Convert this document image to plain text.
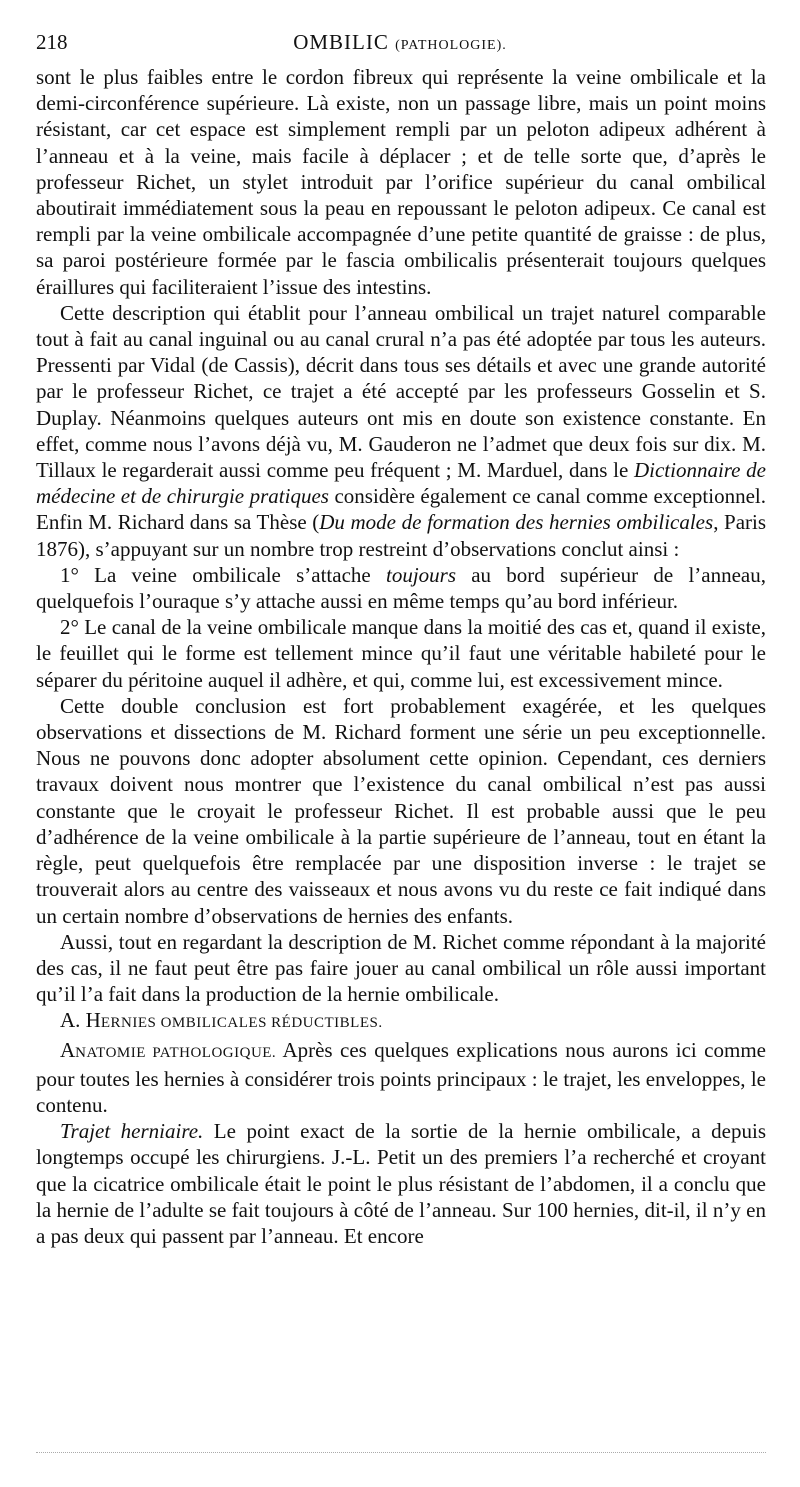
218	OMBILIC (PATHOLOGIE).

sont le plus faibles entre le cordon fibreux qui représente la veine ombilicale et la demi-circonférence supérieure. Là existe, non un passage libre, mais un point moins résistant, car cet espace est simplement rempli par un peloton adipeux adhérent à l’anneau et à la veine, mais facile à déplacer ; et de telle sorte que, d’après le professeur Richet, un stylet introduit par l’orifice supérieur du canal ombilical aboutirait immédiatement sous la peau en repoussant le peloton adipeux. Ce canal est rempli par la veine ombilicale accompagnée d’une petite quantité de graisse : de plus, sa paroi postérieure formée par le fascia ombilicalis présenterait toujours quelques éraillures qui faciliteraient l’issue des intestins.

Cette description qui établit pour l’anneau ombilical un trajet naturel comparable tout à fait au canal inguinal ou au canal crural n’a pas été adoptée par tous les auteurs. Pressenti par Vidal (de Cassis), décrit dans tous ses détails et avec une grande autorité par le professeur Richet, ce trajet a été accepté par les professeurs Gosselin et S. Duplay. Néanmoins quelques auteurs ont mis en doute son existence constante. En effet, comme nous l’avons déjà vu, M. Gauderon ne l’admet que deux fois sur dix. M. Tillaux le regarderait aussi comme peu fréquent ; M. Marduel, dans le Dictionnaire de médecine et de chirurgie pratiques considère également ce canal comme exceptionnel. Enfin M. Richard dans sa Thèse (Du mode de formation des hernies ombilicales, Paris 1876), s’appuyant sur un nombre trop restreint d’observations conclut ainsi :

1° La veine ombilicale s’attache toujours au bord supérieur de l’anneau, quelquefois l’ouraque s’y attache aussi en même temps qu’au bord inférieur.

2° Le canal de la veine ombilicale manque dans la moitié des cas et, quand il existe, le feuillet qui le forme est tellement mince qu’il faut une véritable habileté pour le séparer du péritoine auquel il adhère, et qui, comme lui, est excessivement mince.

Cette double conclusion est fort probablement exagérée, et les quelques observations et dissections de M. Richard forment une série un peu exceptionnelle. Nous ne pouvons donc adopter absolument cette opinion. Cependant, ces derniers travaux doivent nous montrer que l’existence du canal ombilical n’est pas aussi constante que le croyait le professeur Richet. Il est probable aussi que le peu d’adhérence de la veine ombilicale à la partie supérieure de l’anneau, tout en étant la règle, peut quelquefois être remplacée par une disposition inverse : le trajet se trouverait alors au centre des vaisseaux et nous avons vu du reste ce fait indiqué dans un certain nombre d’observations de hernies des enfants.

Aussi, tout en regardant la description de M. Richet comme répondant à la majorité des cas, il ne faut peut être pas faire jouer au canal ombilical un rôle aussi important qu’il l’a fait dans la production de la hernie ombilicale.

A. HERNIES OMBILICALES RÉDUCTIBLES.

ANATOMIE PATHOLOGIQUE. Après ces quelques explications nous aurons ici comme pour toutes les hernies à considérer trois points principaux : le trajet, les enveloppes, le contenu.

Trajet herniaire. Le point exact de la sortie de la hernie ombilicale, a depuis longtemps occupé les chirurgiens. J.-L. Petit un des premiers l’a recherché et croyant que la cicatrice ombilicale était le point le plus résistant de l’abdomen, il a conclu que la hernie de l’adulte se fait toujours à côté de l’anneau. Sur 100 hernies, dit-il, il n’y en a pas deux qui passent par l’anneau. Et encore
